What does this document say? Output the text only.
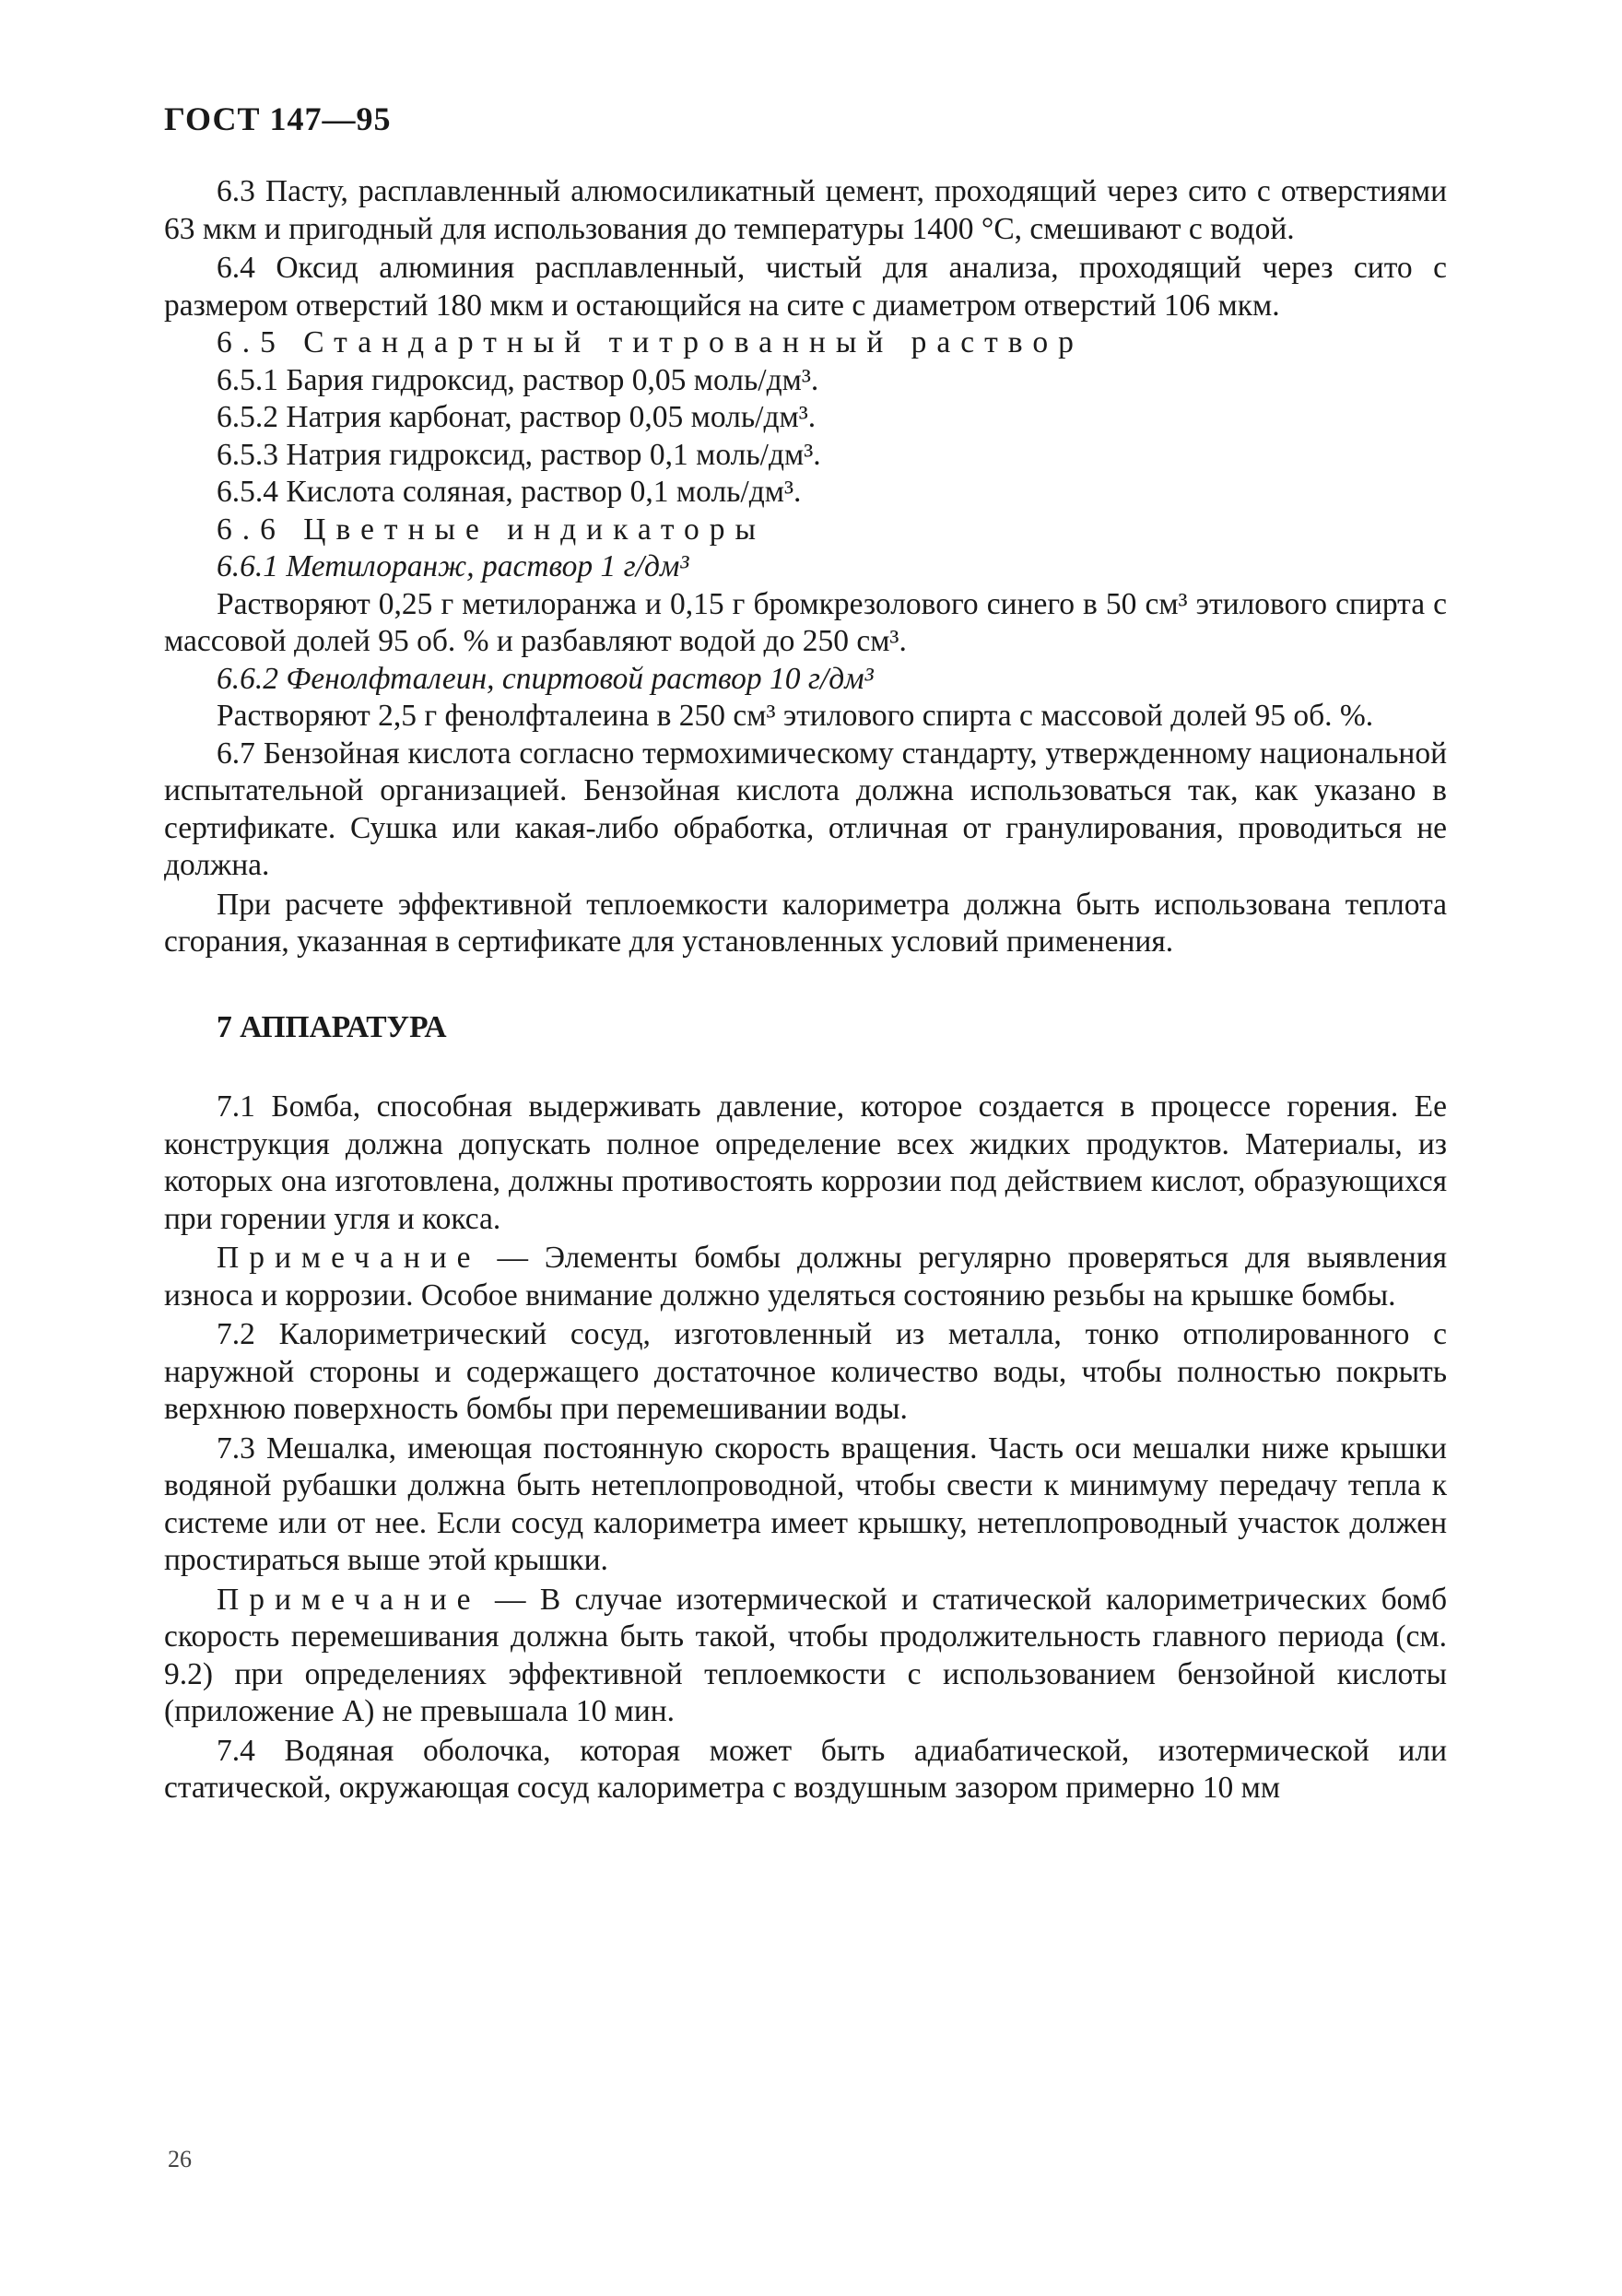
ГОСТ 147—95

6.3 Пасту, расплавленный алюмосиликатный цемент, проходящий через сито с отверстиями 63 мкм и пригодный для использования до температуры 1400 °С, смешивают с водой.

6.4 Оксид алюминия расплавленный, чистый для анализа, проходящий через сито с размером отверстий 180 мкм и остающийся на сите с диаметром отверстий 106 мкм.

6.5 Стандартный титрованный раствор

6.5.1 Бария гидроксид, раствор 0,05 моль/дм³.

6.5.2 Натрия карбонат, раствор 0,05 моль/дм³.

6.5.3 Натрия гидроксид, раствор 0,1 моль/дм³.

6.5.4 Кислота соляная, раствор 0,1 моль/дм³.

6.6 Цветные индикаторы

6.6.1 Метилоранж, раствор 1 г/дм³

Растворяют 0,25 г метилоранжа и 0,15 г бромкрезолового синего в 50 см³ этилового спирта с массовой долей 95 об. % и разбавляют водой до 250 см³.

6.6.2 Фенолфталеин, спиртовой раствор 10 г/дм³

Растворяют 2,5 г фенолфталеина в 250 см³ этилового спирта с массовой долей 95 об. %.

6.7 Бензойная кислота согласно термохимическому стандарту, утвержденному национальной испытательной организацией. Бензойная кислота должна использоваться так, как указано в сертификате. Сушка или какая-либо обработка, отличная от гранулирования, проводиться не должна.

При расчете эффективной теплоемкости калориметра должна быть использована теплота сгорания, указанная в сертификате для установленных условий применения.

7 АППАРАТУРА

7.1 Бомба, способная выдерживать давление, которое создается в процессе горения. Ее конструкция должна допускать полное определение всех жидких продуктов. Материалы, из которых она изготовлена, должны противостоять коррозии под действием кислот, образующихся при горении угля и кокса.

Примечание — Элементы бомбы должны регулярно проверяться для выявления износа и коррозии. Особое внимание должно уделяться состоянию резьбы на крышке бомбы.

7.2 Калориметрический сосуд, изготовленный из металла, тонко отполированного с наружной стороны и содержащего достаточное количество воды, чтобы полностью покрыть верхнюю поверхность бомбы при перемешивании воды.

7.3 Мешалка, имеющая постоянную скорость вращения. Часть оси мешалки ниже крышки водяной рубашки должна быть нетеплопроводной, чтобы свести к минимуму передачу тепла к системе или от нее. Если сосуд калориметра имеет крышку, нетеплопроводный участок должен простираться выше этой крышки.

Примечание — В случае изотермической и статической калориметрических бомб скорость перемешивания должна быть такой, чтобы продолжительность главного периода (см. 9.2) при определениях эффективной теплоемкости с использованием бензойной кислоты (приложение А) не превышала 10 мин.

7.4 Водяная оболочка, которая может быть адиабатической, изотермической или статической, окружающая сосуд калориметра с воздушным зазором примерно 10 мм

26
